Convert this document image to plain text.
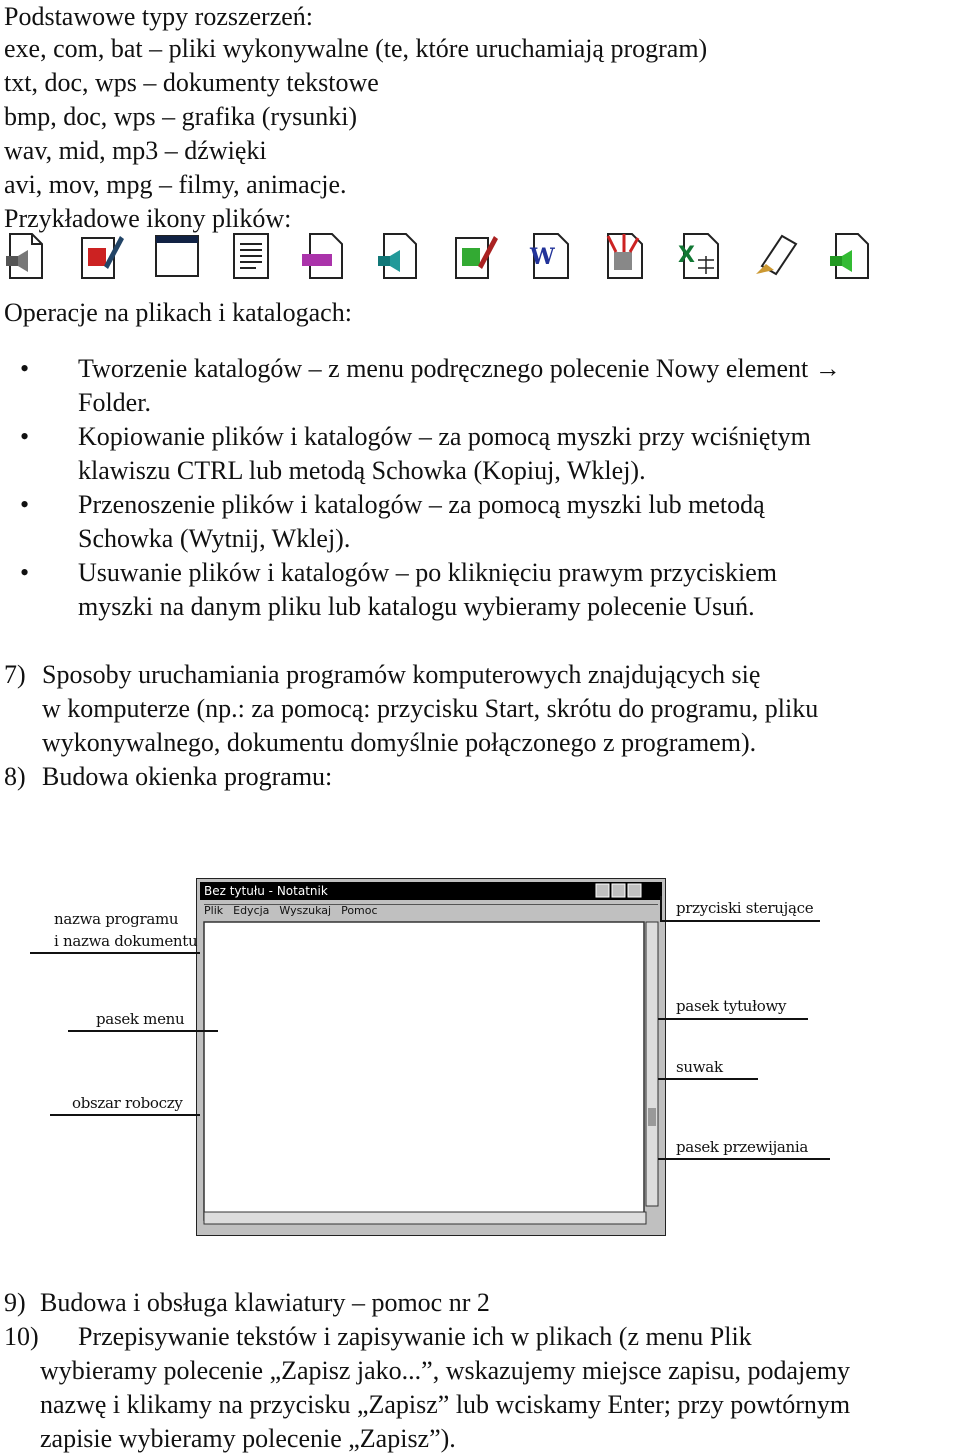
Podstawowe typy rozszerzeń:
exe, com, bat – pliki wykonywalne (te, które uruchamiają program)
txt, doc, wps – dokumenty tekstowe
bmp, doc, wps – grafika (rysunki)
wav, mid, mp3 – dźwięki
avi, mov, mpg – filmy, animacje.
Przykładowe ikony plików:
W	X
Operacje na plikach i katalogach:
• Tworzenie katalogów – z menu podręcznego polecenie Nowy element →
Folder.
• Kopiowanie plików i katalogów – za pomocą myszki przy wciśniętym
klawiszu CTRL lub metodą Schowka (Kopiuj, Wklej).
• Przenoszenie plików i katalogów – za pomocą myszki lub metodą
Schowka (Wytnij, Wklej).
• Usuwanie plików i katalogów – po kliknięciu prawym przyciskiem
myszki na danym pliku lub katalogu wybieramy polecenie Usuń.
7) Sposoby uruchamiania programów komputerowych znajdujących się
w komputerze (np.: za pomocą: przycisku Start, skrótu do programu, pliku
wykonywalnego, dokumentu domyślnie połączonego z programem).
8) Budowa okienka programu:
Bez tytułu - Notatnik
Plik Edycja Wyszukaj Pomoc
nazwa programu
i nazwa dokumentu
pasek menu
obszar roboczy
przyciski sterujące
pasek tytułowy
suwak
pasek przewijania
9) Budowa i obsługa klawiatury – pomoc nr 2
10) Przepisywanie tekstów i zapisywanie ich w plikach (z menu Plik
wybieramy polecenie „Zapisz jako...”, wskazujemy miejsce zapisu, podajemy
nazwę i klikamy na przycisku „Zapisz” lub wciskamy Enter; przy powtórnym
zapisie wybieramy polecenie „Zapisz”).
